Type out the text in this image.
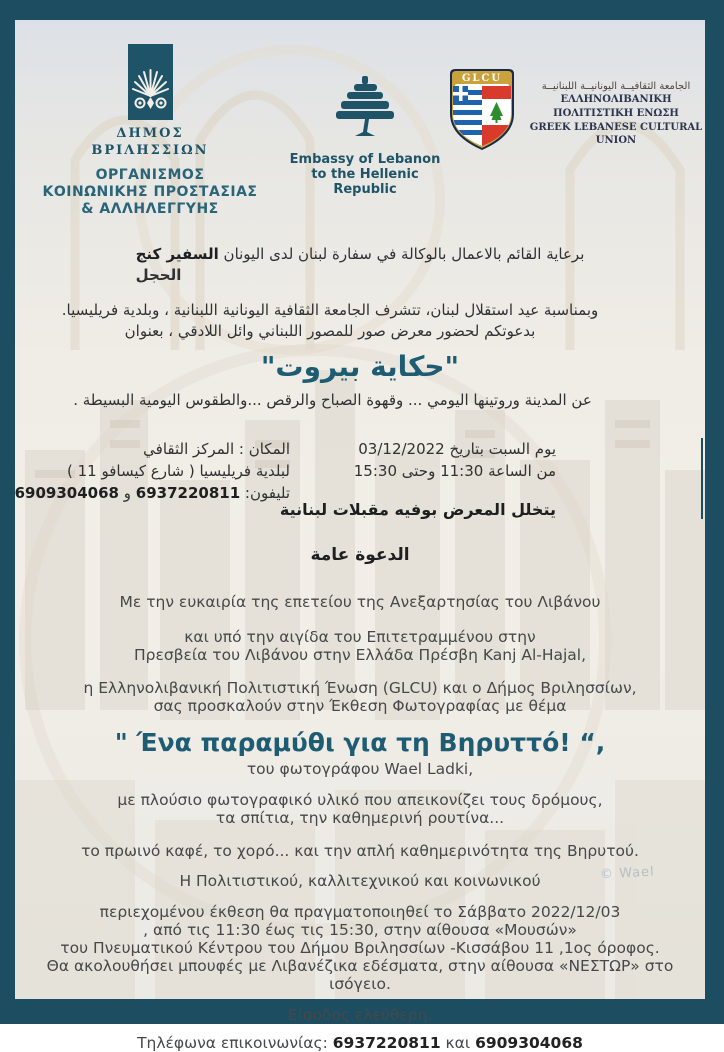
© Wael
ΔΗΜΟΣ
ΒΡΙΛΗΣΣΙΩΝ
ΟΡΓΑΝΙΣΜΟΣ
ΚΟΙΝΩΝΙΚΗΣ ΠΡΟΣΤΑΣΙΑΣ
& ΑΛΛΗΛΕΓΓΥΗΣ
Embassy of Lebanon
to the Hellenic Republic
GLCU
الجامعة الثقافيــة اليونانيــة اللبنانيــة
ΕΛΛΗΝΟΛΙΒΑΝΙΚΗ ΠΟΛΙΤΙΣΤΙΚΗ ΕΝΩΣΗ
GREEK LEBANESE CULTURAL UNION
برعاية القائم بالاعمال بالوكالة في سفارة لبنان لدى اليونان السفير كنج
الحجل
وبمناسبة عيد استقلال لبنان، تتشرف الجامعة الثقافية اليونانية اللبنانية ، وبلدية فريليسيا.
بدعوتكم لحضور معرض صور للمصور اللبناني وائل اللادقي ، بعنوان
"حكاية بيروت"
عن المدينة وروتينها اليومي ... وقهوة الصباح والرقص ...والطقوس اليومية البسيطة .
المكان : المركز الثقافي
لبلدية فريليسيا ( شارع كيسافو 11 )
تليفون: 6937220811 و 6909304068
يوم السبت بتاريخ 03/12/2022
من الساعة 11:30 وحتى 15:30
يتخلل المعرض بوفيه مقبلات لبنانية
الدعوة عامة
Με την ευκαιρία της επετείου της Ανεξαρτησίας του Λιβάνου
και υπό την αιγίδα του Επιτετραμμένου στην
Πρεσβεία του Λιβάνου στην Ελλάδα Πρέσβη Kanj Al-Hajal,
η Ελληνολιβανική Πολιτιστική Ένωση (GLCU) και ο Δήμος Βριλησσίων,
σας προσκαλούν στην Έκθεση Φωτογραφίας με θέμα
" Ένα παραμύθι για τη Βηρυττό! “,
του φωτογράφου Wael Ladki,
με πλούσιο φωτογραφικό υλικό που απεικονίζει τους δρόμους,
τα σπίτια, την καθημερινή ρουτίνα...
το πρωινό καφέ, το χορό... και την απλή καθημερινότητα της Βηρυτού.
Η Πολιτιστικού, καλλιτεχνικού και κοινωνικού
περιεχομένου έκθεση θα πραγματοποιηθεί το Σάββατο 2022/12/03
, από τις 11:30 έως τις 15:30, στην αίθουσα «Μουσών»
του Πνευματικού Κέντρου του Δήμου Βριλησσίων -Κισσάβου 11 ,1ος όροφος.
Θα ακολουθήσει μπουφές με Λιβανέζικα εδέσματα, στην αίθουσα «ΝΕΣΤΩΡ» στο ισόγειο.
Είσοδος ελεύθερη.
Τηλέφωνα επικοινωνίας: 6937220811 και 6909304068
